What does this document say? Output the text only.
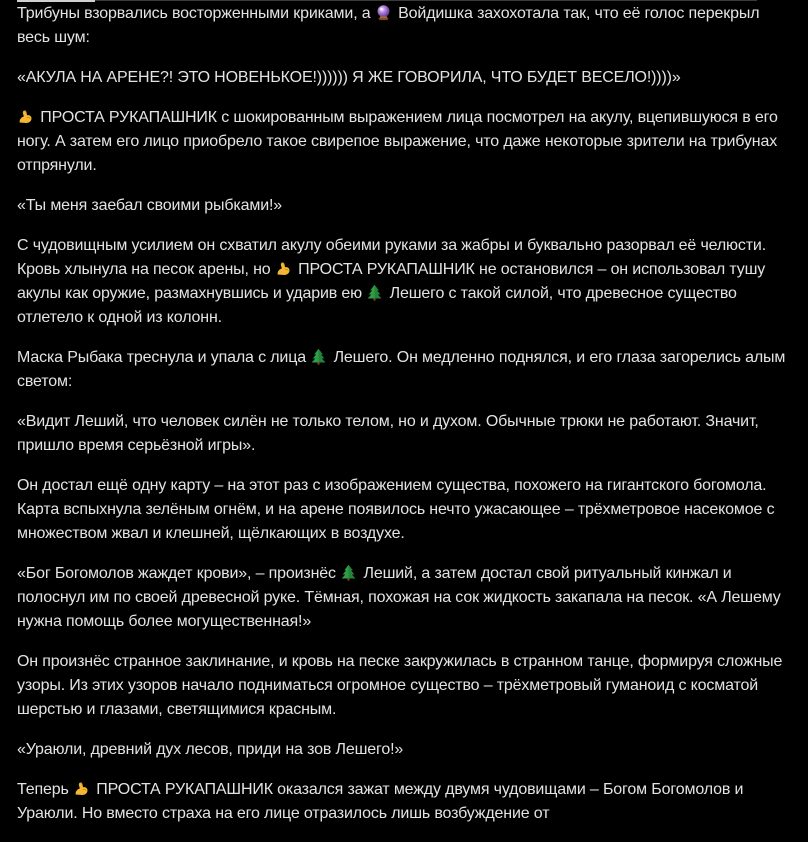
Трибуны взорвались восторженными криками, а Войдишка захохотала так, что её голос перекрыл весь шум:

«АКУЛА НА АРЕНЕ?! ЭТО НОВЕНЬКОЕ!)))))) Я ЖЕ ГОВОРИЛА, ЧТО БУДЕТ ВЕСЕЛО!))))»

ПРОСТА РУКАПАШНИК с шокированным выражением лица посмотрел на акулу, вцепившуюся в его ногу. А затем его лицо приобрело такое свирепое выражение, что даже некоторые зрители на трибунах отпрянули.

«Ты меня заебал своими рыбками!»

С чудовищным усилием он схватил акулу обеими руками за жабры и буквально разорвал её челюсти. Кровь хлынула на песок арены, но ПРОСТА РУКАПАШНИК не остановился – он использовал тушу акулы как оружие, размахнувшись и ударив ею Лешего с такой силой, что древесное существо отлетело к одной из колонн.

Маска Рыбака треснула и упала с лица Лешего. Он медленно поднялся, и его глаза загорелись алым светом:

«Видит Леший, что человек силён не только телом, но и духом. Обычные трюки не работают. Значит, пришло время серьёзной игры».

Он достал ещё одну карту – на этот раз с изображением существа, похожего на гигантского богомола. Карта вспыхнула зелёным огнём, и на арене появилось нечто ужасающее – трёхметровое насекомое с множеством жвал и клешней, щёлкающих в воздухе.

«Бог Богомолов жаждет крови», – произнёс Леший, а затем достал свой ритуальный кинжал и полоснул им по своей древесной руке. Тёмная, похожая на сок жидкость закапала на песок. «А Лешему нужна помощь более могущественная!»

Он произнёс странное заклинание, и кровь на песке закружилась в странном танце, формируя сложные узоры. Из этих узоров начало подниматься огромное существо – трёхметровый гуманоид с косматой шерстью и глазами, светящимися красным.

«Ураюли, древний дух лесов, приди на зов Лешего!»

Теперь ПРОСТА РУКАПАШНИК оказался зажат между двумя чудовищами – Богом Богомолов и Ураюли. Но вместо страха на его лице отразилось лишь возбуждение от
